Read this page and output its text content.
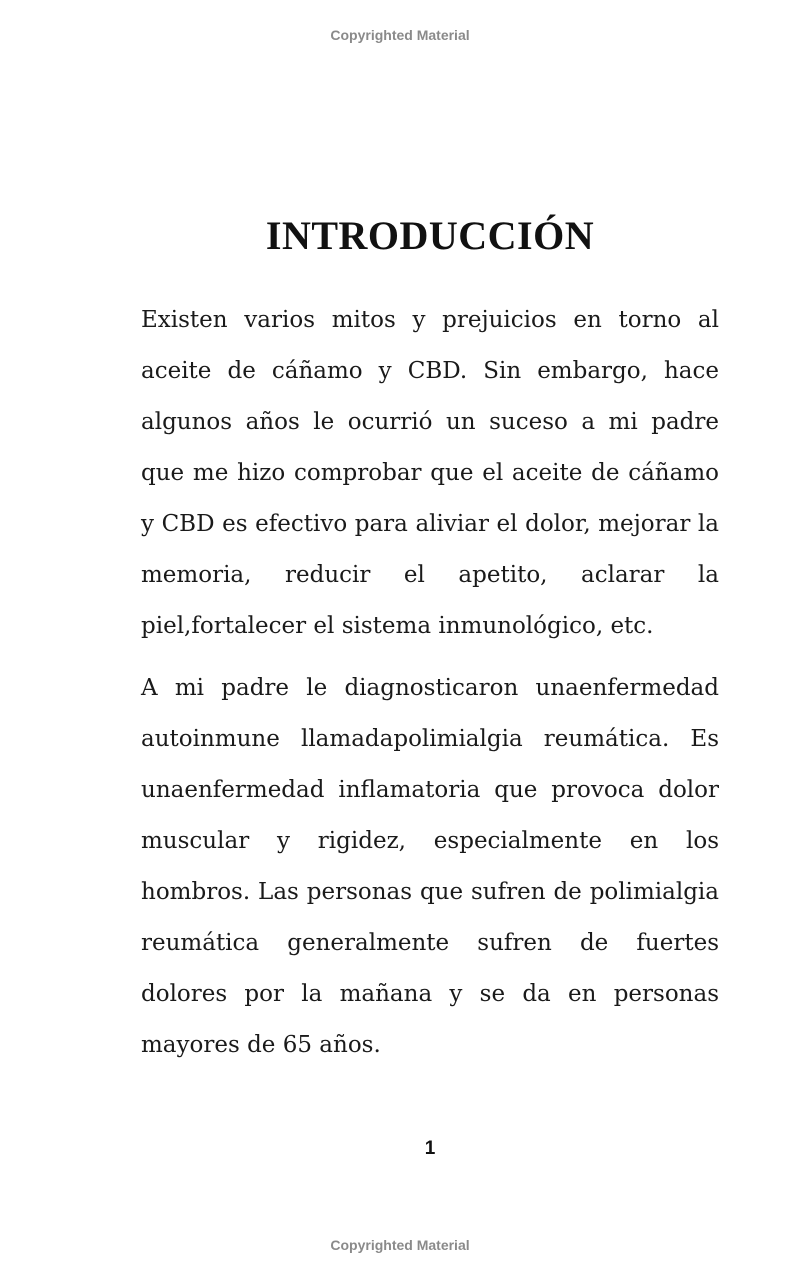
Copyrighted Material
INTRODUCCIÓN

Existen varios mitos y prejuicios en torno al aceite de cáñamo y CBD. Sin embargo, hace algunos años le ocurrió un suceso a mi padre que me hizo comprobar que el aceite de cáñamo y CBD es efectivo para aliviar el dolor, mejorar la memoria, reducir el apetito, aclarar la piel,fortalecer el sistema inmunológico, etc.

A mi padre le diagnosticaron unaenfermedad autoinmune llamadapolimialgia reumática. Es unaenfermedad inflamatoria que provoca dolor muscular y rigidez, especialmente en los hombros. Las personas que sufren de polimialgia reumática generalmente sufren de fuertes dolores por la mañana y se da en personas mayores de 65 años.

1
Copyrighted Material
